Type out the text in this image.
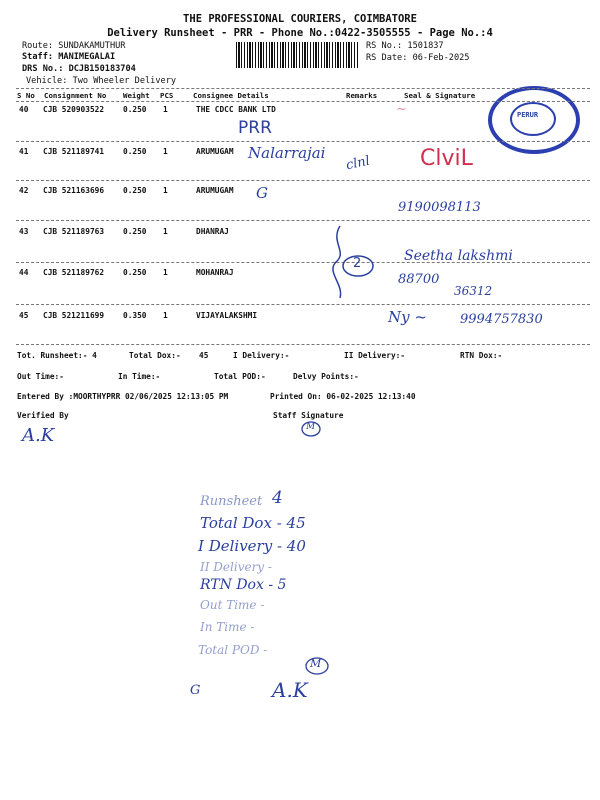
THE PROFESSIONAL COURIERS, COIMBATORE
Delivery Runsheet - PRR - Phone No.:0422-3505555 - Page No.:4
Route: SUNDAKAMUTHUR
Staff: MANIMEGALAI
DRS No.: DCJB150183704
Vehicle: Two Wheeler Delivery
RS No.: 1501837
RS Date: 06-Feb-2025
PERUR
S No Consignment No Weight PCS	Consignee Details	Remarks	Seal & Signature
40 CJB 520903522 0.250 1	THE CDCC BANK LTD
41 CJB 521189741 0.250 1	ARUMUGAM
42 CJB 521163696 0.250 1	ARUMUGAM
43 CJB 521189763 0.250 1	DHANRAJ
44 CJB 521189762 0.250 1	MOHANRAJ
45 CJB 521211699 0.350 1	VIJAYALAKSHMI
~
PRR
Nalarrajai
clnl ClviL
G
9190098113
2	Seetha lakshmi
88700
36312
Ny ~	9994757830
Tot. Runsheet:- 4	Total Dox:- 45	I Delivery:-	II Delivery:-	RTN Dox:-
Out Time:-	In Time:-	Total POD:-	Delvy Points:-
Entered By :MOORTHYPRR 02/06/2025 12:13:05 PM	Printed On: 06-02-2025 12:13:40
Verified By	Staff Signature
A.K	M
Runsheet 4
Total Dox - 45
I Delivery - 40
II Delivery -
RTN Dox - 5
Out Time -
In Time -
Total POD -
M
G	A.K
